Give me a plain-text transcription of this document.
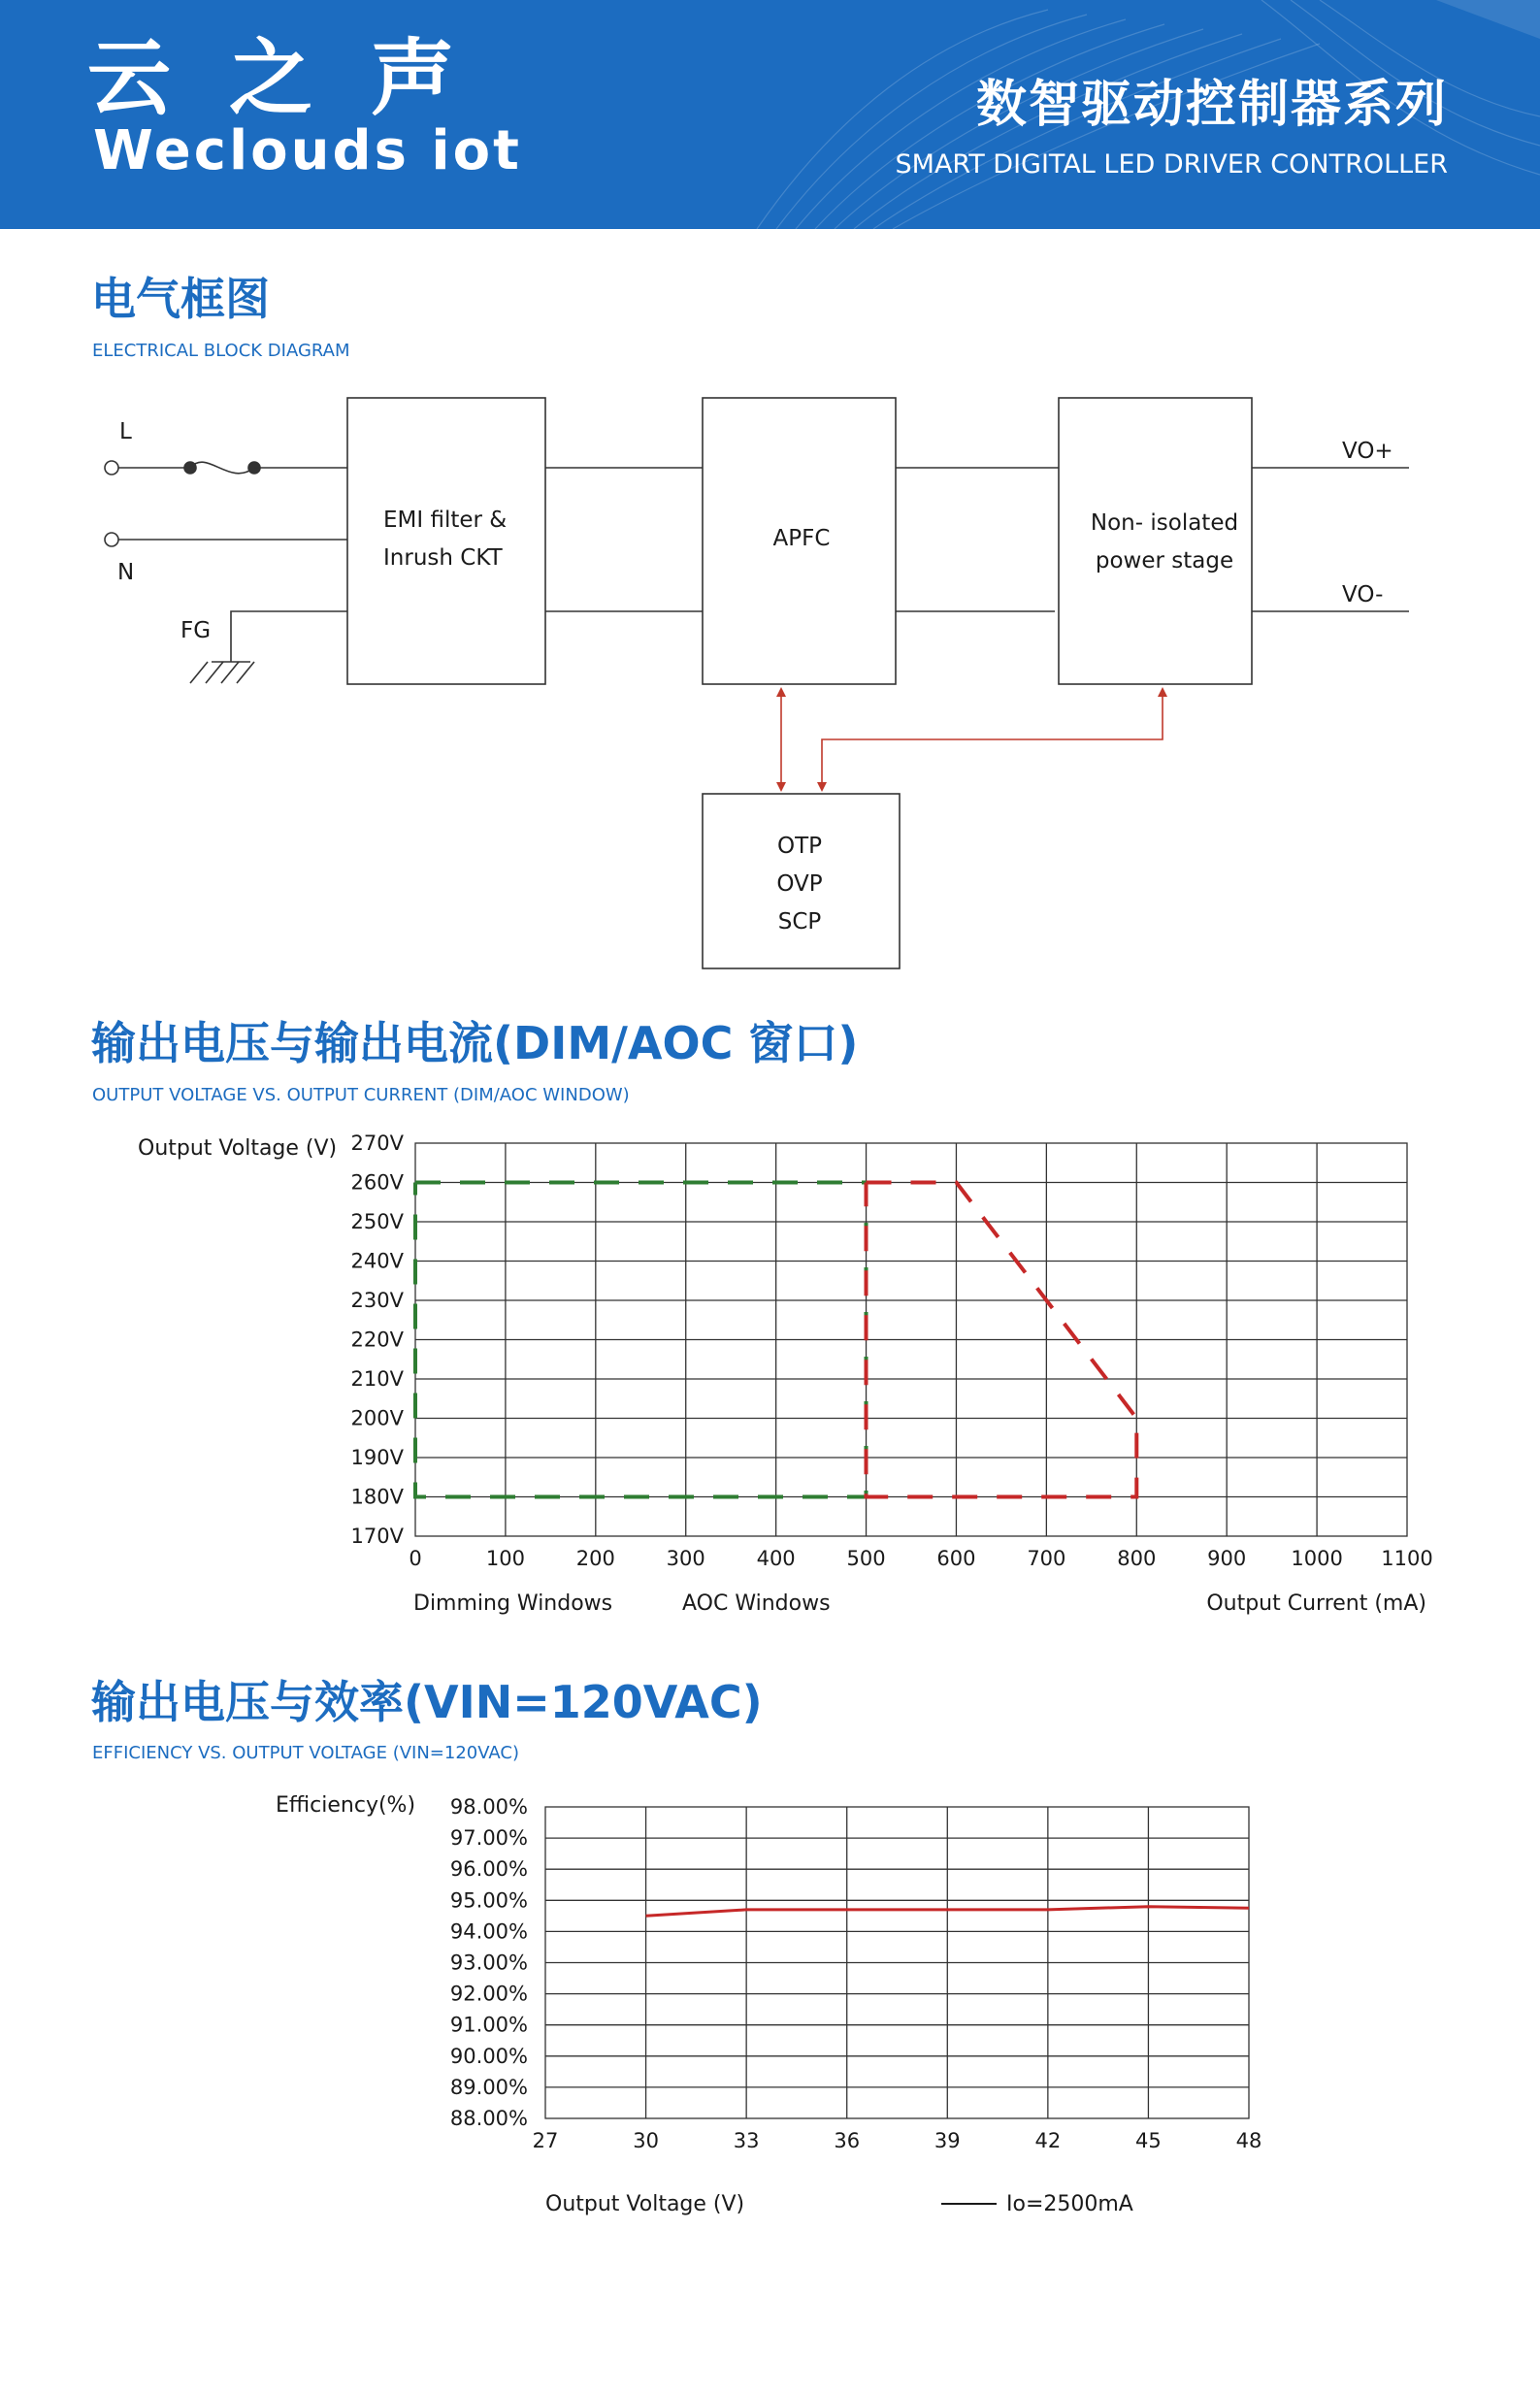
云之声
Weclouds iot
数智驱动控制器系列
SMART DIGITAL LED DRIVER CONTROLLER
电气框图
ELECTRICAL BLOCK DIAGRAM
L
N
FG
EMI filter &
Inrush CKT
APFC
Non- isolated
power stage
OTP
OVP
SCP
VO+
VO-
输出电压与输出电流(DIM/AOC 窗口)
OUTPUT VOLTAGE VS. OUTPUT CURRENT (DIM/AOC WINDOW)
0	100	200	300	400	500	600	700	800	900 1000 1100
270V
260V
250V
240V
230V
220V
210V
200V
190V
180V
170V
Output Voltage (V)
Output Current (mA)
Dimming Windows	AOC Windows
输出电压与效率(VIN=120VAC)
EFFICIENCY VS. OUTPUT VOLTAGE (VIN=120VAC)
27	30	33	36	39	42	45	48
98.00%
97.00%
96.00%
95.00%
94.00%
93.00%
92.00%
91.00%
90.00%
89.00%
88.00%
Efficiency(%)
Output Voltage (V)	Io=2500mA
